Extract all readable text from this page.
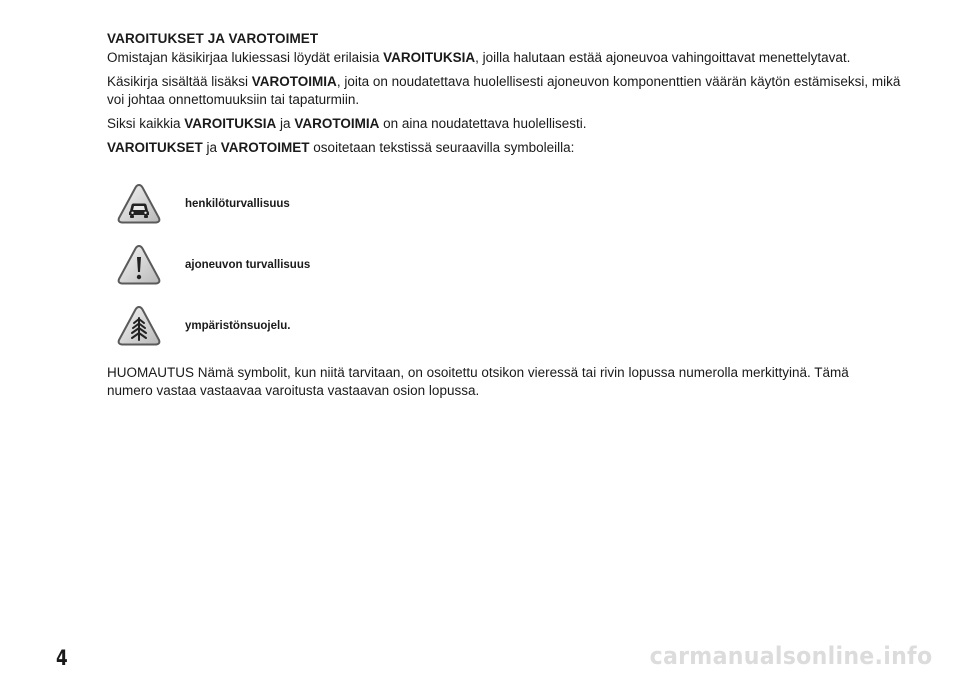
VAROITUKSET JA VAROTOIMET

Omistajan käsikirjaa lukiessasi löydät erilaisia VAROITUKSIA, joilla halutaan estää ajoneuvoa vahingoittavat menettelytavat.

Käsikirja sisältää lisäksi VAROTOIMIA, joita on noudatettava huolellisesti ajoneuvon komponenttien väärän käytön estämiseksi, mikä voi johtaa onnettomuuksiin tai tapaturmiin.

Siksi kaikkia VAROITUKSIA ja VAROTOIMIA on aina noudatettava huolellisesti.

VAROITUKSET ja VAROTOIMET osoitetaan tekstissä seuraavilla symboleilla:

henkilöturvallisuus
ajoneuvon turvallisuus
ympäristönsuojelu.

HUOMAUTUS Nämä symbolit, kun niitä tarvitaan, on osoitettu otsikon vieressä tai rivin lopussa numerolla merkittyinä. Tämä numero vastaa vastaavaa varoitusta vastaavan osion lopussa.

4	carmanualsonline.info
